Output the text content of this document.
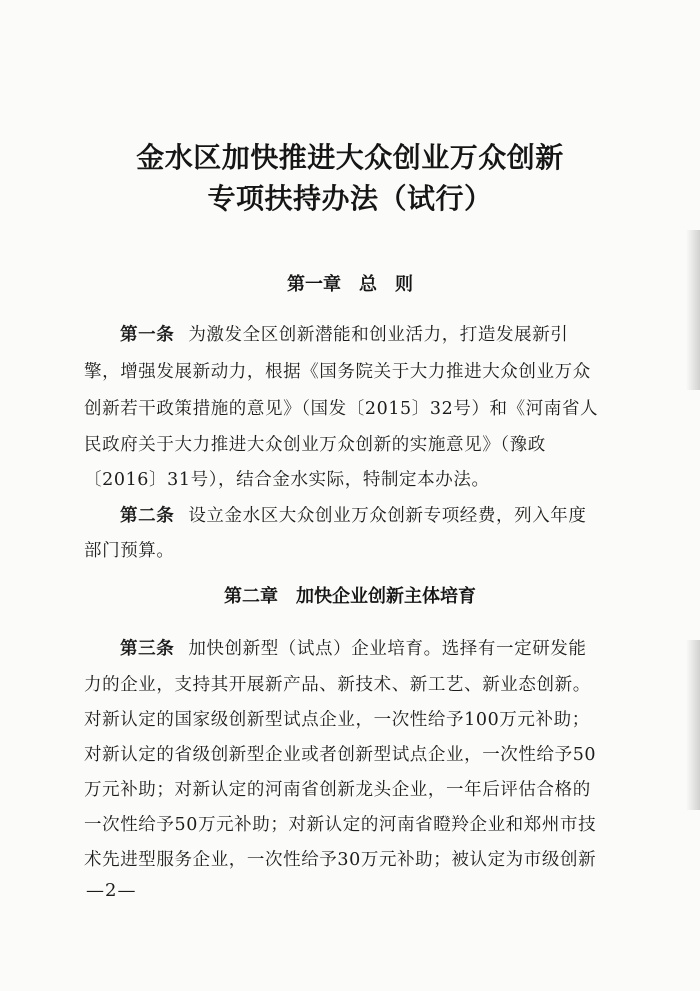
金水区加快推进大众创业万众创新
专项扶持办法（试行）
第一章 总　则
第一条 为激发全区创新潜能和创业活力，打造发展新引
擎，增强发展新动力，根据《国务院关于大力推进大众创业万众
创新若干政策措施的意见》（国发〔2015〕32号）和《河南省人
民政府关于大力推进大众创业万众创新的实施意见》（豫政
〔2016〕31号），结合金水实际，特制定本办法。
第二条 设立金水区大众创业万众创新专项经费，列入年度
部门预算。
第二章 加快企业创新主体培育
第三条 加快创新型（试点）企业培育。选择有一定研发能
力的企业，支持其开展新产品、新技术、新工艺、新业态创新。
对新认定的国家级创新型试点企业，一次性给予100万元补助；
对新认定的省级创新型企业或者创新型试点企业，一次性给予50
万元补助；对新认定的河南省创新龙头企业，一年后评估合格的
一次性给予50万元补助；对新认定的河南省瞪羚企业和郑州市技
术先进型服务企业，一次性给予30万元补助；被认定为市级创新
—2—
